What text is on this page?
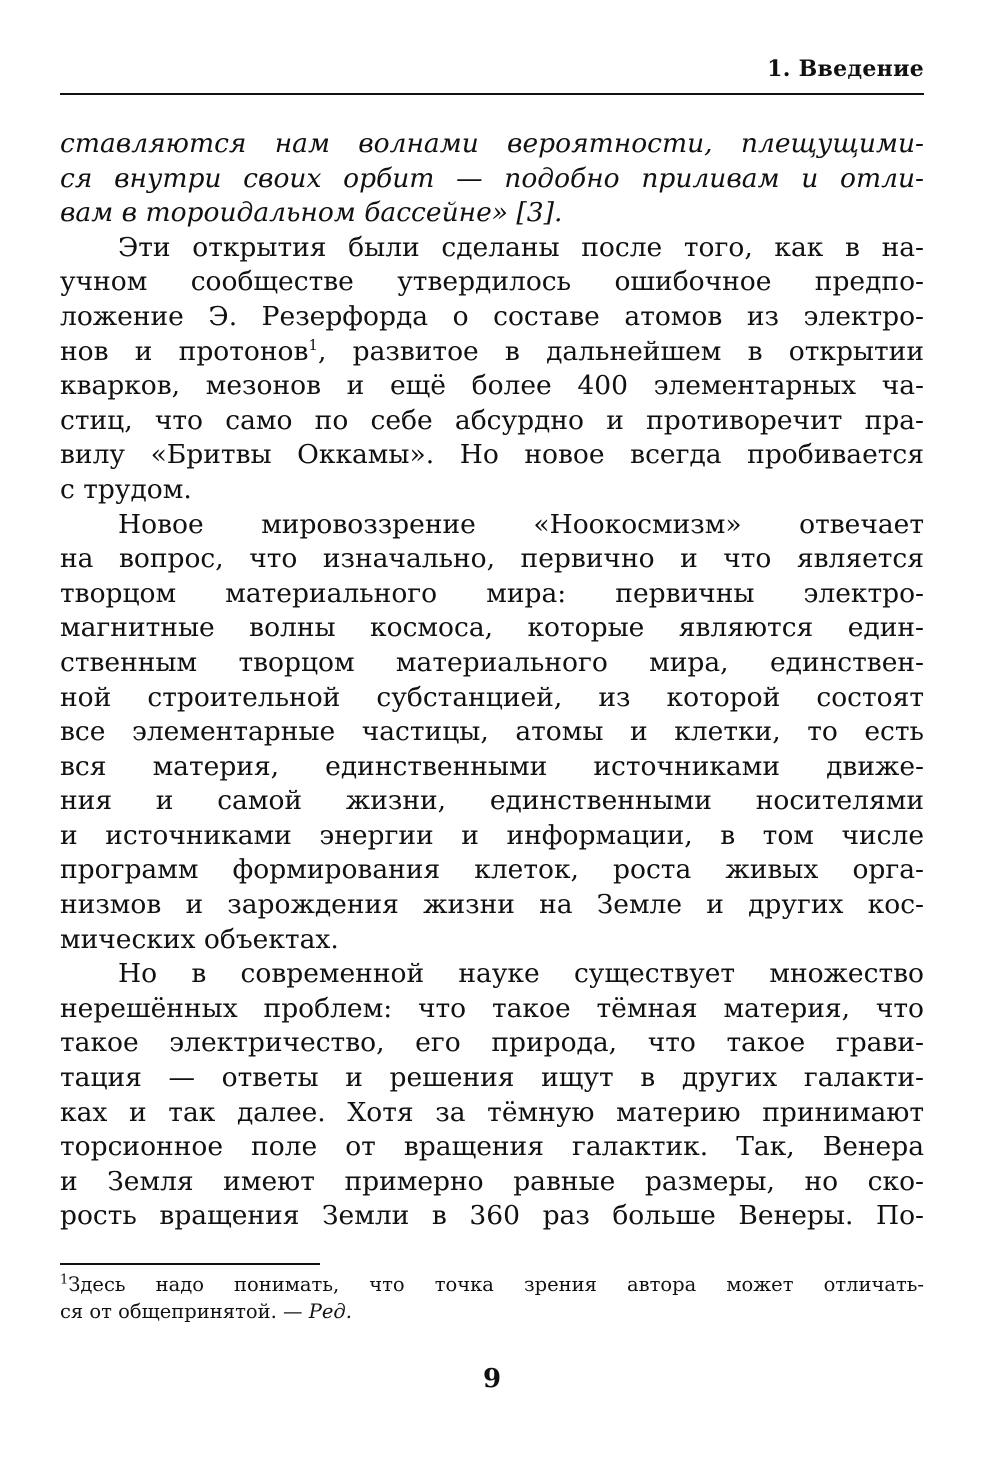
1. Введение
ставляются нам волнами вероятности, плещущими-
ся внутри своих орбит — подобно приливам и отли-
вам в тороидальном бассейне» [3].
Эти открытия были сделаны после того, как в на-
учном сообществе утвердилось ошибочное предпо-
ложение Э. Резерфорда о составе атомов из электро-
нов и протонов$^1$, развитое в дальнейшем в открытии
кварков, мезонов и ещё более 400 элементарных ча-
стиц, что само по себе абсурдно и противоречит пра-
вилу «Бритвы Оккамы». Но новое всегда пробивается
с трудом.
Новое мировоззрение «Ноокосмизм» отвечает
на вопрос, что изначально, первично и что является
творцом материального мира: первичны электро-
магнитные волны космоса, которые являются един-
ственным творцом материального мира, единствен-
ной строительной субстанцией, из которой состоят
все элементарные частицы, атомы и клетки, то есть
вся материя, единственными источниками движе-
ния и самой жизни, единственными носителями
и источниками энергии и информации, в том числе
программ формирования клеток, роста живых орга-
низмов и зарождения жизни на Земле и других кос-
мических объектах.
Но в современной науке существует множество
нерешённых проблем: что такое тёмная материя, что
такое электричество, его природа, что такое грави-
тация — ответы и решения ищут в других галакти-
ках и так далее. Хотя за тёмную материю принимают
торсионное поле от вращения галактик. Так, Венера
и Земля имеют примерно равные размеры, но ско-
рость вращения Земли в 360 раз больше Венеры. По-
$^1$Здесь надо понимать, что точка зрения автора может отличать-
ся от общепринятой. — Ред.
9
